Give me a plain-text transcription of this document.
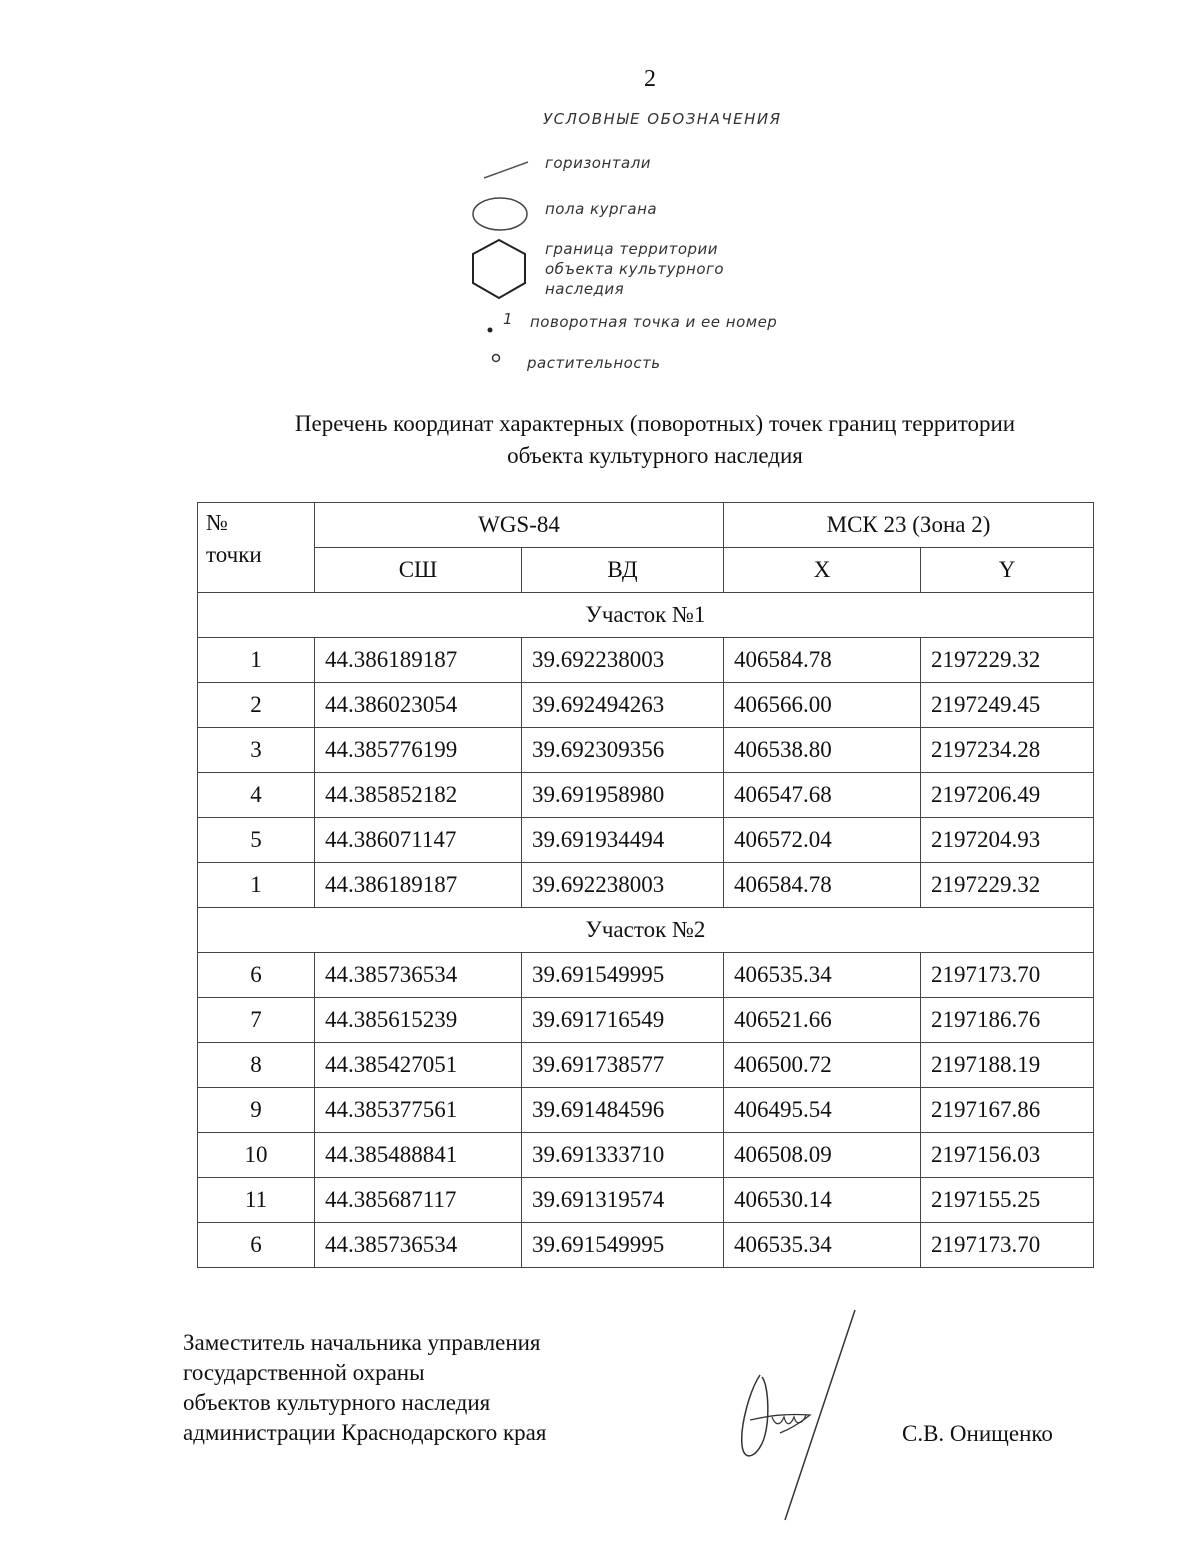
2
УСЛОВНЫЕ ОБОЗНАЧЕНИЯ
горизонтали
пола кургана
граница территории
объекта культурного
наследия
1 поворотная точка и ее номер
растительность
Перечень координат характерных (поворотных) точек границ территории
объекта культурного наследия
№
точки	WGS-84		МСК 23 (Зона 2)	
	СШ	ВД	X	Y
Участок №1				
1	44.386189187	39.692238003	406584.78	2197229.32
2	44.386023054	39.692494263	406566.00	2197249.45
3	44.385776199	39.692309356	406538.80	2197234.28
4	44.385852182	39.691958980	406547.68	2197206.49
5	44.386071147	39.691934494	406572.04	2197204.93
1	44.386189187	39.692238003	406584.78	2197229.32
Участок №2				
6	44.385736534	39.691549995	406535.34	2197173.70
7	44.385615239	39.691716549	406521.66	2197186.76
8	44.385427051	39.691738577	406500.72	2197188.19
9	44.385377561	39.691484596	406495.54	2197167.86
10	44.385488841	39.691333710	406508.09	2197156.03
11	44.385687117	39.691319574	406530.14	2197155.25
6	44.385736534	39.691549995	406535.34	2197173.70
Заместитель начальника управления
государственной охраны
объектов культурного наследия
администрации Краснодарского края	С.В. Онищенко
